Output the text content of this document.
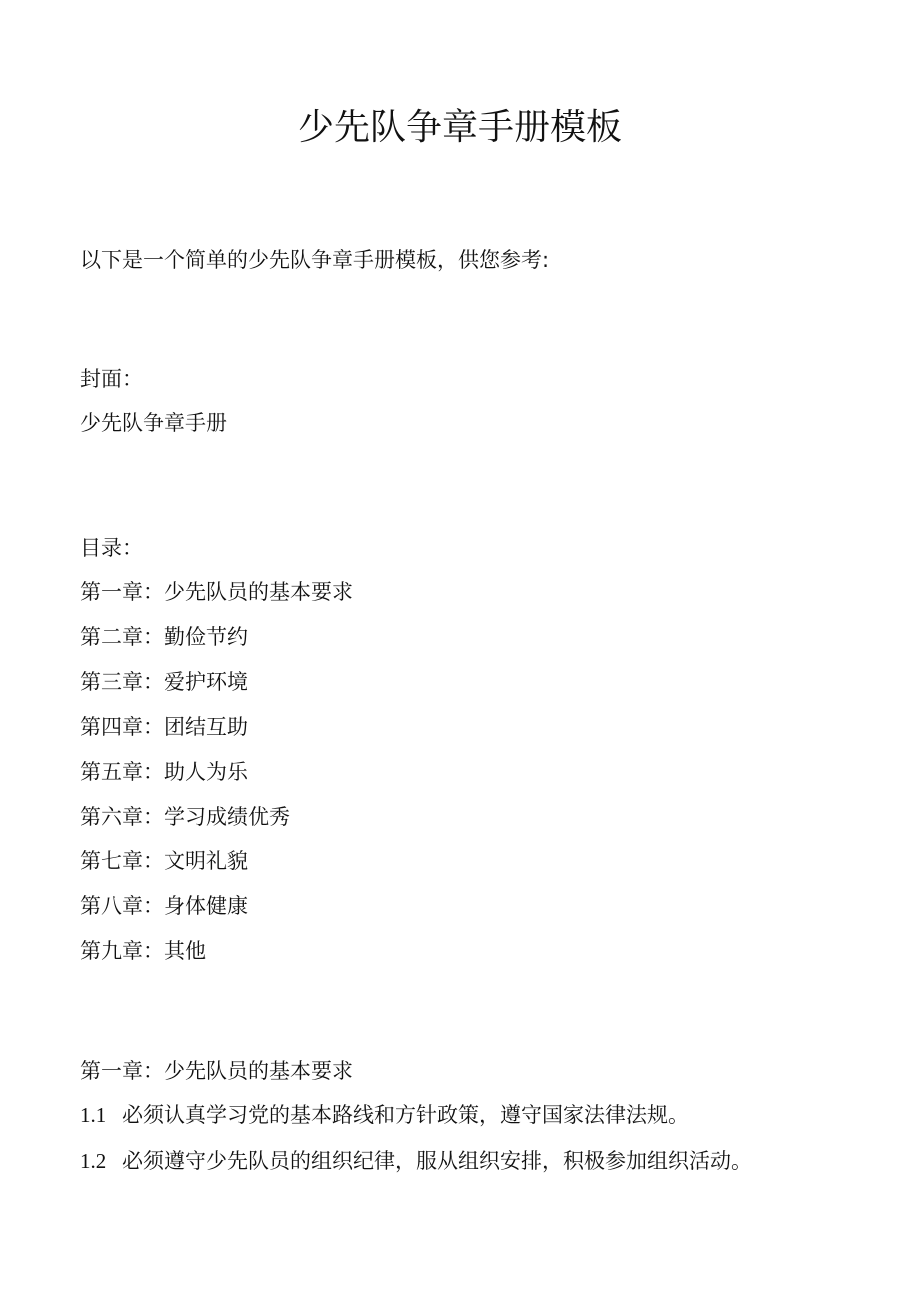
少先队争章手册模板

以下是一个简单的少先队争章手册模板，供您参考:

封面：

少先队争章手册

目录：

第一章：少先队员的基本要求

第二章：勤俭节约

第三章：爱护环境

第四章：团结互助

第五章：助人为乐

第六章：学习成绩优秀

第七章：文明礼貌

第八章：身体健康

第九章：其他

第一章：少先队员的基本要求

1.1 必须认真学习党的基本路线和方针政策，遵守国家法律法规。

1.2 必须遵守少先队员的组织纪律，服从组织安排，积极参加组织活动。
